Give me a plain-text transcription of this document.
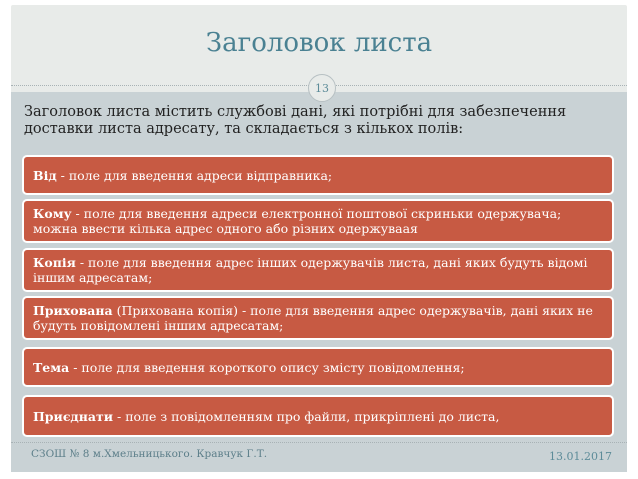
Заголовок листа
13
Заголовок листа містить службові дані, які потрібні для забезпечення доставки листа адресату, та складається з кількох полів:
Від - поле для введення адреси відправника;
Кому - поле для введення адреси електронної поштової скриньки одержувача; можна ввести кілька адрес одного або різних одержуваая
Копія - поле для введення адрес інших одержувачів листа, дані яких будуть відомі іншим адресатам;
Прихована (Прихована копія) - поле для введення адрес одержувачів, дані яких не будуть повідомлені іншим адресатам;
Тема - поле для введення короткого опису змісту повідомлення;
Приєднати - поле з повідомленням про файли, прикріплені до листа,
СЗОШ № 8 м.Хмельницького. Кравчук Г.Т.	13.01.2017
